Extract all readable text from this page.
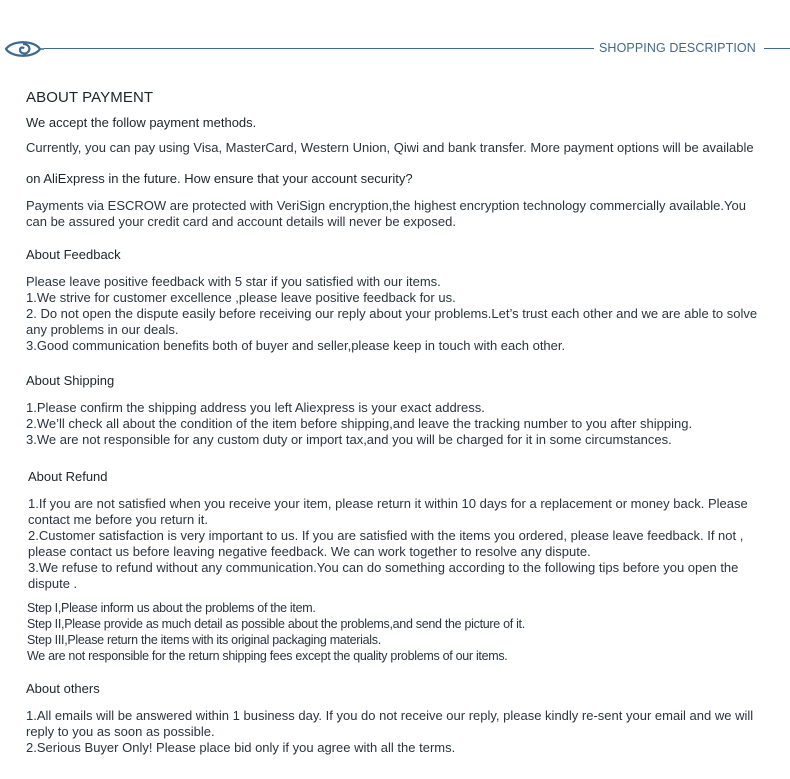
SHOPPING DESCRIPTION
ABOUT PAYMENT
We accept the follow payment methods.
Currently, you can pay using Visa, MasterCard, Western Union, Qiwi and bank transfer. More payment options will be available
on AliExpress in the future. How ensure that your account security?
Payments via ESCROW are protected with VeriSign encryption,the highest encryption technology commercially available.You can be assured your credit card and account details will never be exposed.
About Feedback
Please leave positive feedback with 5 star if you satisfied with our items.
1.We strive for customer excellence ,please leave positive feedback for us.
2. Do not open the dispute easily before receiving our reply about your problems.Let’s trust each other and we are able to solve any problems in our deals.
3.Good communication benefits both of buyer and seller,please keep in touch with each other.
About Shipping
1.Please confirm the shipping address you left Aliexpress is your exact address.
2.We’ll check all about the condition of the item before shipping,and leave the tracking number to you after shipping.
3.We are not responsible for any custom duty or import tax,and you will be charged for it in some circumstances.
About Refund
1.If you are not satisfied when you receive your item, please return it within 10 days for a replacement or money back. Please contact me before you return it.
2.Customer satisfaction is very important to us. If you are satisfied with the items you ordered, please leave feedback. If not , please contact us before leaving negative feedback. We can work together to resolve any dispute.
3.We refuse to refund without any communication.You can do something according to the following tips before you open the dispute .
Step I,Please inform us about the problems of the item.
Step II,Please provide as much detail as possible about the problems,and send the picture of it.
Step III,Please return the items with its original packaging materials.
We are not responsible for the return shipping fees except the quality problems of our items.
About others
1.All emails will be answered within 1 business day. If you do not receive our reply, please kindly re-sent your email and we will reply to you as soon as possible.
2.Serious Buyer Only! Please place bid only if you agree with all the terms.
